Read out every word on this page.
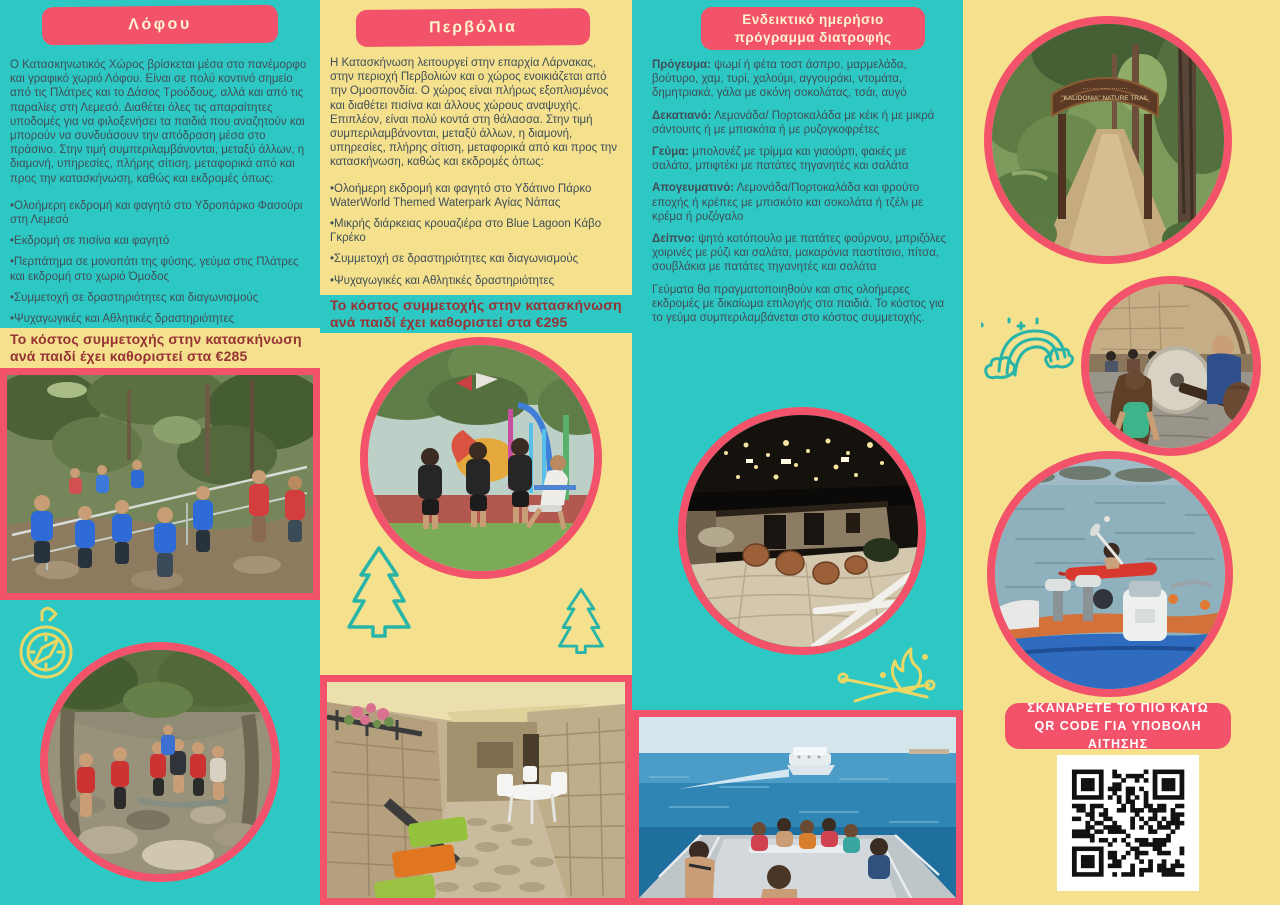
Λόφου

Ο Κατασκηνωτικός Χώρος βρίσκεται μέσα στο πανέμορφο και γραφικό χωριό Λόφου. Είναι σε πολύ κοντινό σημείο από τις Πλάτρες και το Δάσος Τροόδους, αλλά και από τις παραλίες στη Λεμεσό. Διαθέτει όλες τις απαραίτητες υποδομές για να φιλοξενήσει τα παιδιά που αναζητούν και μπορούν να συνδυάσουν την απόδραση μέσα στο πράσινο. Στην τιμή συμπεριλαμβάνονται, μεταξύ άλλων, η διαμονή, υπηρεσίες, πλήρης σίτιση, μεταφορικά από και προς την κατασκήνωση, καθώς και εκδρομές όπως:

• Ολοήμερη εκδρομή και φαγητό στο Υδροπάρκο Φασούρι στη Λεμεσό

• Εκδρομή σε πισίνα και φαγητό

• Περπάτημα σε μονοπάτι της φύσης, γεύμα στις Πλάτρες και εκδρομή στο χωριό Όμοδος

• Συμμετοχή σε δραστηριότητες και διαγωνισμούς

• Ψυχαγωγικές και Αθλητικές δραστηριότητες

Το κόστος συμμετοχής στην κατασκήνωση ανά παιδί έχει καθοριστεί στα €285
Περβόλια

Η Κατασκήνωση λειτουργεί στην επαρχία Λάρνακας, στην περιοχή Περβολιών και ο χώρος ενοικιάζεται από την Ομοσπονδία. Ο χώρος είναι πλήρως εξοπλισμένος και διαθέτει πισίνα και άλλους χώρους αναψυχής. Επιπλέον, είναι πολύ κοντά στη θάλασσα. Στην τιμή συμπεριλαμβάνονται, μεταξύ άλλων, η διαμονή, υπηρεσίες, πλήρης σίτιση, μεταφορικά από και προς την κατασκήνωση, καθώς και εκδρομές όπως:

• Ολοήμερη εκδρομή και φαγητό στο Υδάτινο Πάρκο WaterWorld Themed Waterpark Αγίας Νάπας

• Μικρής διάρκειας κρουαζιέρα στο Blue Lagoon Κάβο Γκρέκο

• Συμμετοχή σε δραστηριότητες και διαγωνισμούς

• Ψυχαγωγικές και Αθλητικές δραστηριότητες

Το κόστος συμμετοχής στην κατασκήνωση ανά παιδί έχει καθοριστεί στα €295
Ενδεικτικό ημερήσιο πρόγραμμα διατροφής

Πρόγευμα: ψωμί ή φέτα τοστ άσπρο, μαρμελάδα, βούτυρο, χαμ, τυρί, χαλούμι, αγγουράκι, ντομάτα, δημητριακά, γάλα με σκόνη σοκολάτας, τσάι, αυγό

Δεκατιανό: Λεμονάδα/ Πορτοκαλάδα με κέικ ή με μικρά σάντουιτς ή με μπισκότα ή με ρυζογκοφρέτες

Γεύμα: μπολονέζ με τρίμμα και γιαούρτι, φακές με σαλάτα, μπιφτέκι με πατάτες τηγανητές και σαλάτα

Απογευματινό: Λεμονάδα/Πορτοκαλάδα και φρούτο εποχής ή κρέπες με μπισκότο και σοκολάτα ή τζέλι με κρέμα ή ρυζόγαλο

Δείπνο: ψητό κοτόπουλο με πατάτες φούρνου, μπριζόλες χοιρινές με ρύζι και σαλάτα, μακαρόνια παστίτσιο, πίτσα, σουβλάκια με πατάτες τηγανητές και σαλάτα

Γεύματα θα πραγματοποιηθούν και στις ολοήμερες εκδρομές με δικαίωμα επιλογής στα παιδιά. Το κόστος για το γεύμα συμπεριλαμβάνεται στο κόστος συμμετοχής.

···· ··· ····· ········
"KALIDONIA" NATURE TRAIL
ΣΚΑΝΑΡΕΤΕ ΤΟ ΠΙΟ ΚΑΤΩ QR CODE ΓΙΑ ΥΠΟΒΟΛΗ ΑΙΤΗΣΗΣ
